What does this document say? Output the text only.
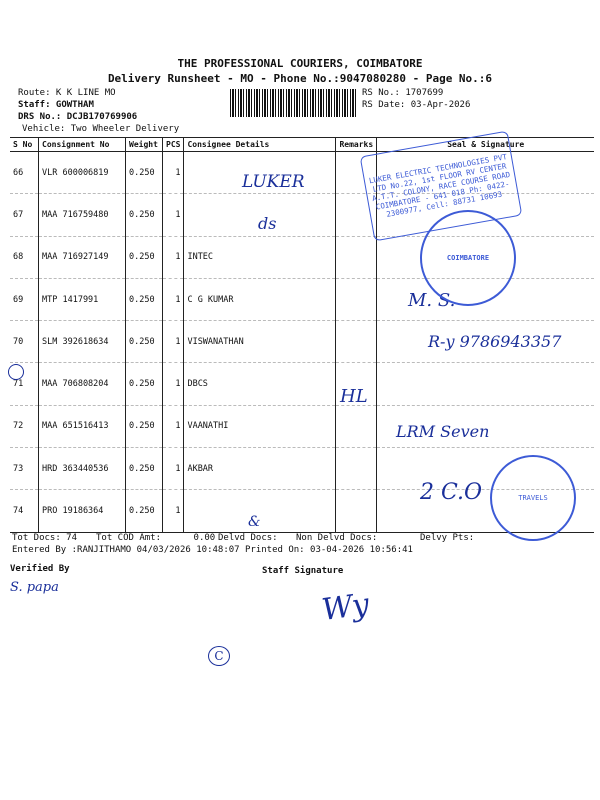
THE PROFESSIONAL COURIERS, COIMBATORE
Delivery Runsheet - MO - Phone No.:9047080280 - Page No.:6
Route: K K LINE MO
Staff: GOWTHAM
DRS No.: DCJB170769906
Vehicle: Two Wheeler Delivery
RS No.: 1707699
RS Date: 03-Apr-2026
S No	Consignment No	Weight	PCS	Consignee Details	Remarks	Seal & Signature
66	VLR 600006819	0.250	1			
67	MAA 716759480	0.250	1			
68	MAA 716927149	0.250	1	INTEC		
69	MTP 1417991	0.250	1	C G KUMAR		
70	SLM 392618634	0.250	1	VISWANATHAN		
71	MAA 706808204	0.250	1	DBCS		
72	MAA 651516413	0.250	1	VAANATHI		
73	HRD 363440536	0.250	1	AKBAR		
74	PRO 19186364	0.250	1			
LUKER
ds
M. S.
R-y 9786943357
HL
LRM Seven
2 C.O
&
LUKER ELECTRIC TECHNOLOGIES PVT LTD No.22, 1st FLOOR RV CENTER A.T.T. COLONY, RACE COURSE ROAD COIMBATORE - 641 018 Ph: 0422-2300977, Cell: 88731 10693
COIMBATORE
TRAVELS
Tot Docs: 74 Tot COD Amt:      0.00 Delvd Docs: Non Delvd Docs:	Delvy Pts:
Entered By :RANJITHAMO 04/03/2026 10:48:07 Printed On: 03-04-2026 10:56:41
Verified By	Staff Signature
S. papa	Wy
C
